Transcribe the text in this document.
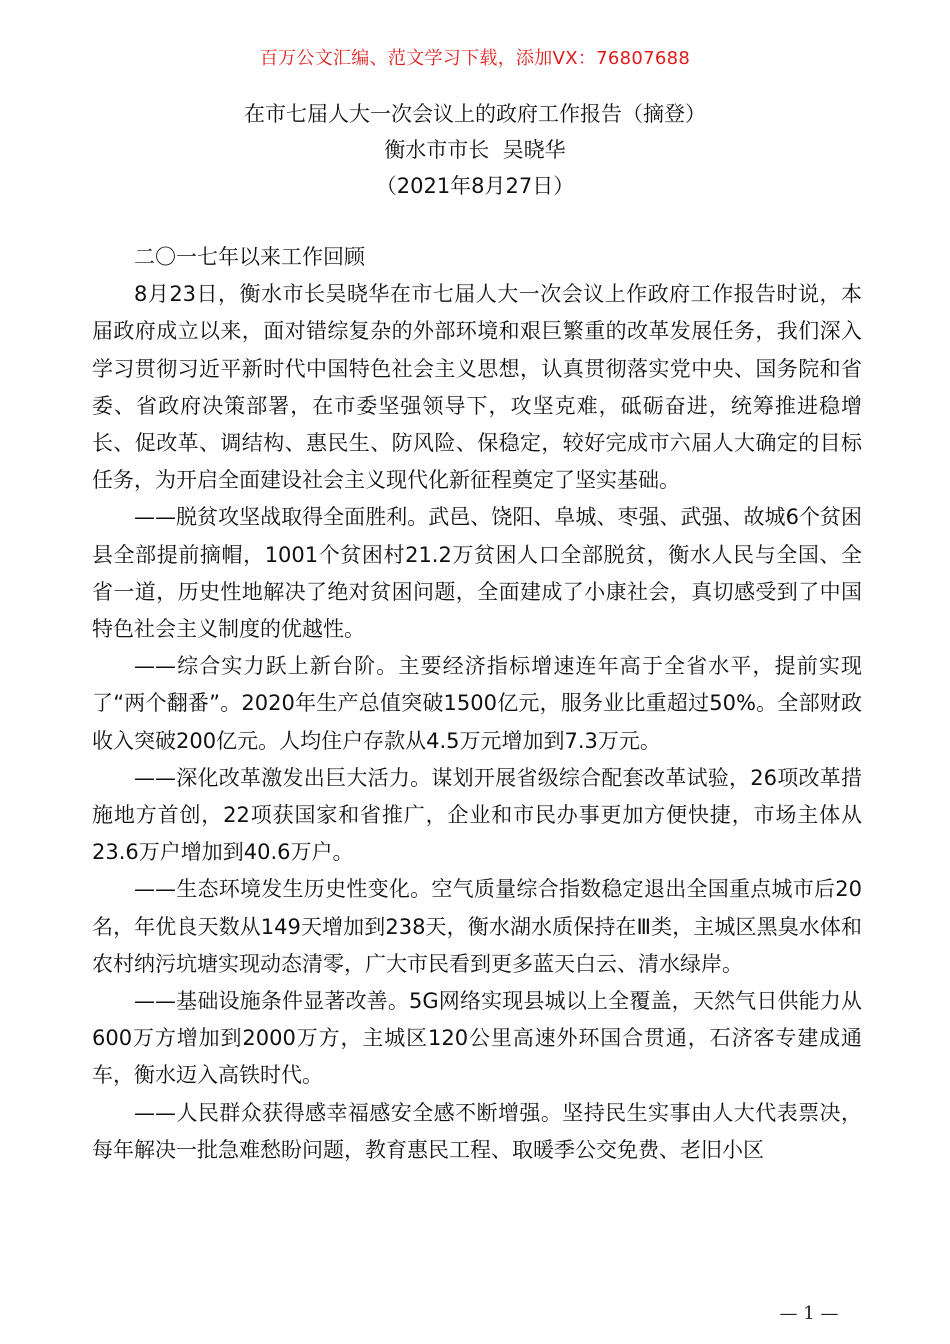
百万公文汇编、范文学习下载，添加VX：76807688
在市七届人大一次会议上的政府工作报告（摘登）
衡水市市长  吴晓华
（2021年8月27日）

二〇一七年以来工作回顾

8月23日，衡水市长吴晓华在市七届人大一次会议上作政府工作报告时说，本届政府成立以来，面对错综复杂的外部环境和艰巨繁重的改革发展任务，我们深入学习贯彻习近平新时代中国特色社会主义思想，认真贯彻落实党中央、国务院和省委、省政府决策部署，在市委坚强领导下，攻坚克难，砥砺奋进，统筹推进稳增长、促改革、调结构、惠民生、防风险、保稳定，较好完成市六届人大确定的目标任务，为开启全面建设社会主义现代化新征程奠定了坚实基础。

——脱贫攻坚战取得全面胜利。武邑、饶阳、阜城、枣强、武强、故城6个贫困县全部提前摘帽，1001个贫困村21.2万贫困人口全部脱贫，衡水人民与全国、全省一道，历史性地解决了绝对贫困问题，全面建成了小康社会，真切感受到了中国特色社会主义制度的优越性。

——综合实力跃上新台阶。主要经济指标增速连年高于全省水平，提前实现了“两个翻番”。2020年生产总值突破1500亿元，服务业比重超过50%。全部财政收入突破200亿元。人均住户存款从4.5万元增加到7.3万元。

——深化改革激发出巨大活力。谋划开展省级综合配套改革试验，26项改革措施地方首创，22项获国家和省推广，企业和市民办事更加方便快捷，市场主体从23.6万户增加到40.6万户。

——生态环境发生历史性变化。空气质量综合指数稳定退出全国重点城市后20名，年优良天数从149天增加到238天，衡水湖水质保持在Ⅲ类，主城区黑臭水体和农村纳污坑塘实现动态清零，广大市民看到更多蓝天白云、清水绿岸。

——基础设施条件显著改善。5G网络实现县城以上全覆盖，天然气日供能力从600万方增加到2000万方，主城区120公里高速外环国合贯通，石济客专建成通车，衡水迈入高铁时代。

——人民群众获得感幸福感安全感不断增强。坚持民生实事由人大代表票决，每年解决一批急难愁盼问题，教育惠民工程、取暖季公交免费、老旧小区

— 1 —
